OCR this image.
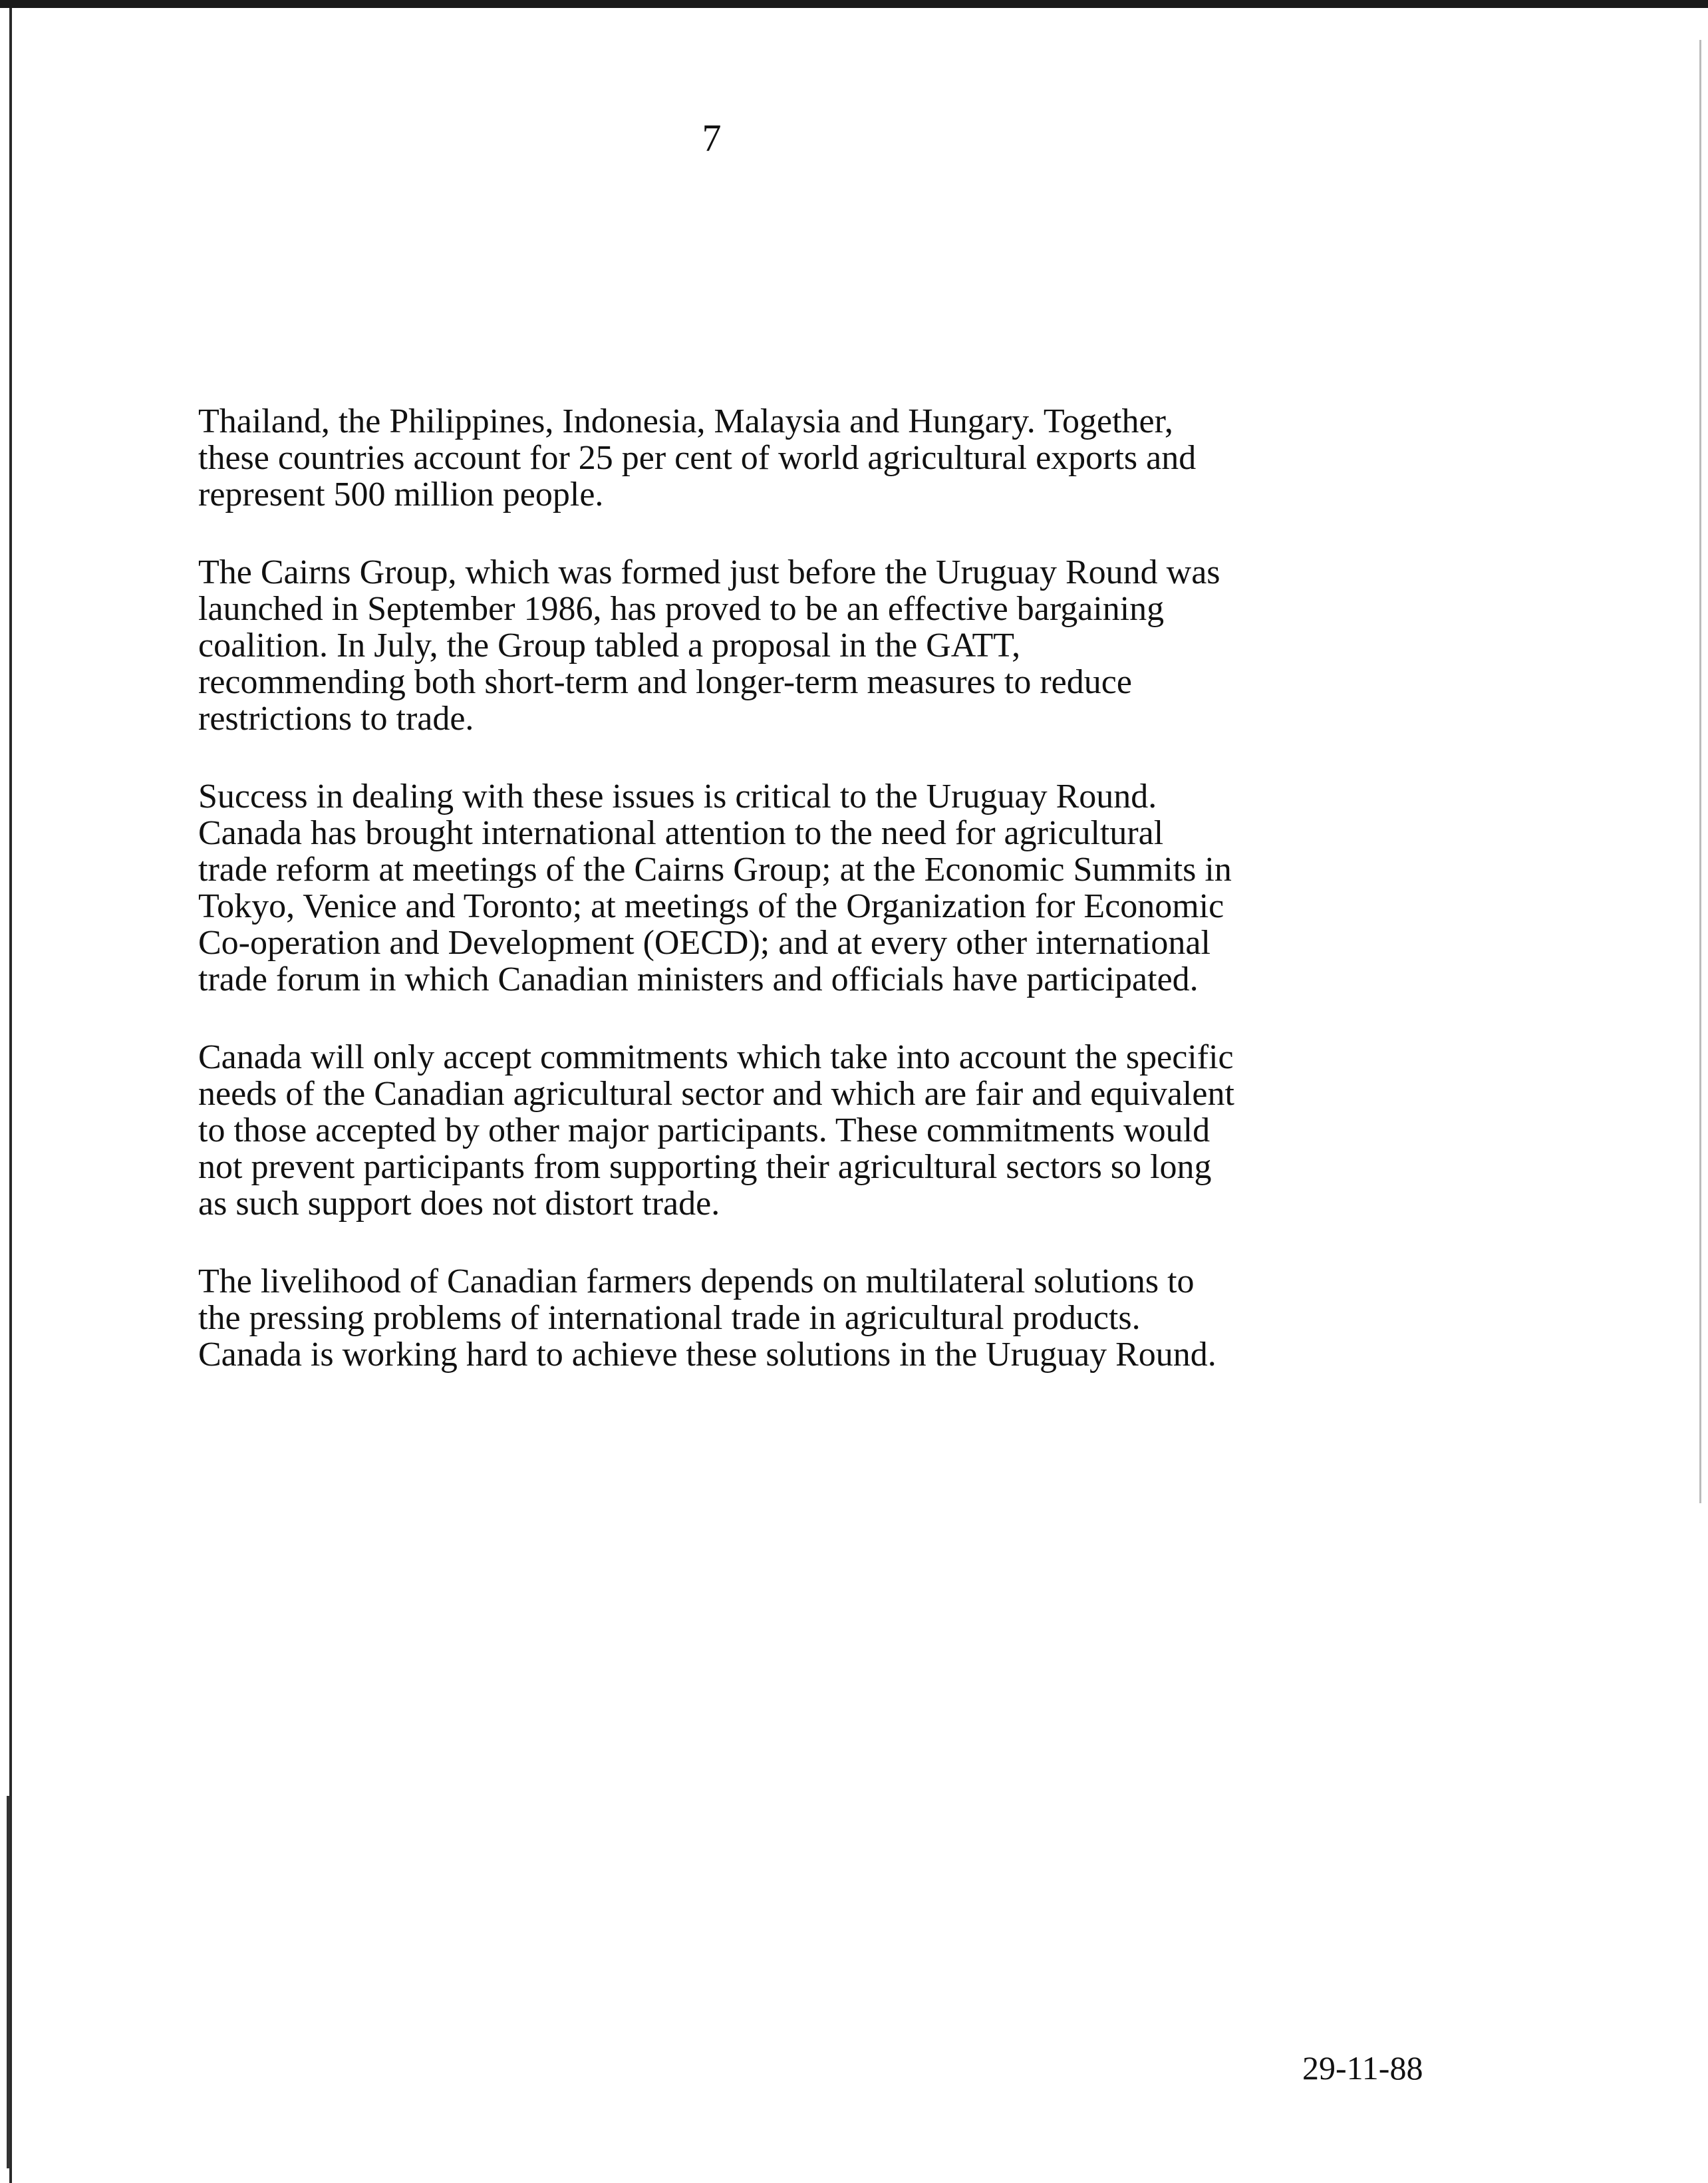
7

Thailand, the Philippines, Indonesia, Malaysia and Hungary. Together,
these countries account for 25 per cent of world agricultural exports and
represent 500 million people.

The Cairns Group, which was formed just before the Uruguay Round was
launched in September 1986, has proved to be an effective bargaining
coalition. In July, the Group tabled a proposal in the GATT,
recommending both short-term and longer-term measures to reduce
restrictions to trade.

Success in dealing with these issues is critical to the Uruguay Round.
Canada has brought international attention to the need for agricultural
trade reform at meetings of the Cairns Group; at the Economic Summits in
Tokyo, Venice and Toronto; at meetings of the Organization for Economic
Co-operation and Development (OECD); and at every other international
trade forum in which Canadian ministers and officials have participated.

Canada will only accept commitments which take into account the specific
needs of the Canadian agricultural sector and which are fair and equivalent
to those accepted by other major participants. These commitments would
not prevent participants from supporting their agricultural sectors so long
as such support does not distort trade.

The livelihood of Canadian farmers depends on multilateral solutions to
the pressing problems of international trade in agricultural products.
Canada is working hard to achieve these solutions in the Uruguay Round.

29-11-88
